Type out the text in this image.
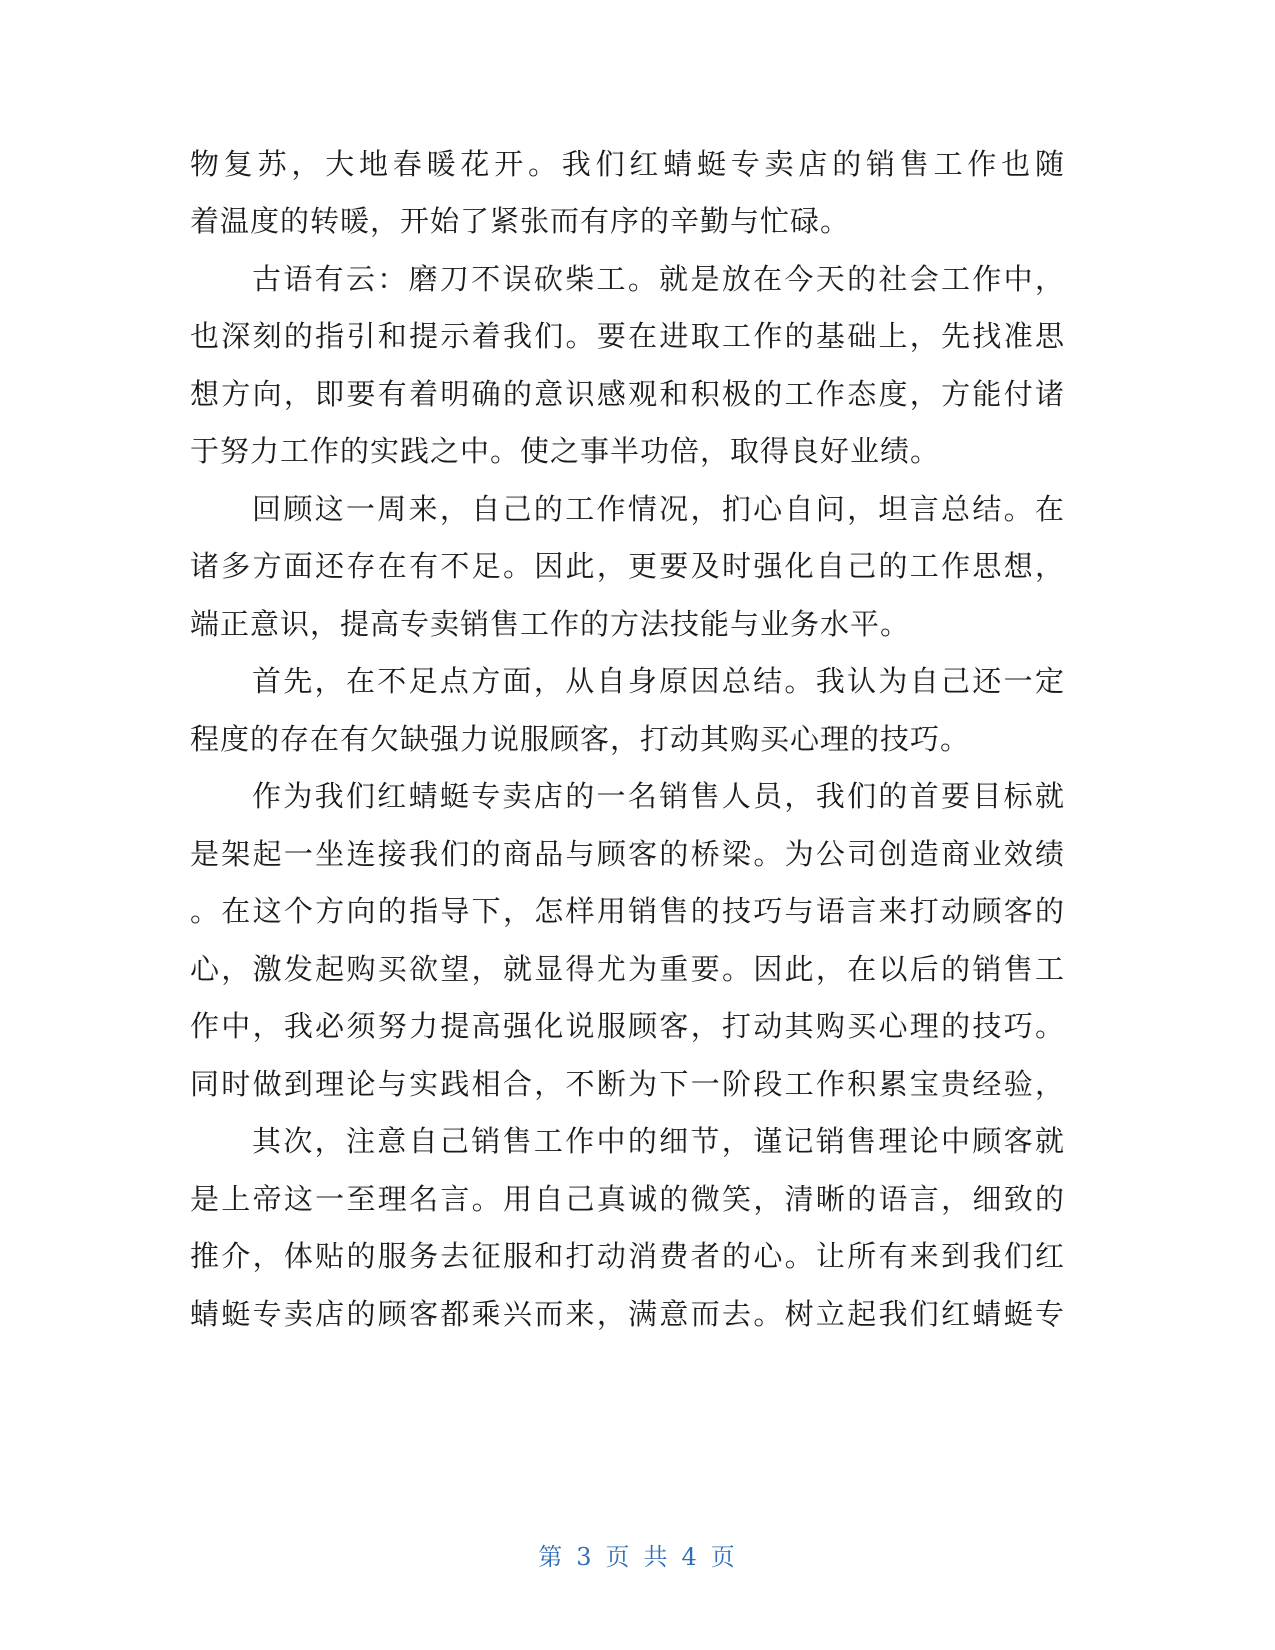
物复苏，大地春暖花开。我们红蜻蜓专卖店的销售工作也随
着温度的转暖，开始了紧张而有序的辛勤与忙碌。
古语有云：磨刀不误砍柴工。就是放在今天的社会工作中，
也深刻的指引和提示着我们。要在进取工作的基础上，先找准思
想方向，即要有着明确的意识感观和积极的工作态度，方能付诸
于努力工作的实践之中。使之事半功倍，取得良好业绩。
回顾这一周来，自己的工作情况，扪心自问，坦言总结。在
诸多方面还存在有不足。因此，更要及时强化自己的工作思想，
端正意识，提高专卖销售工作的方法技能与业务水平。
首先，在不足点方面，从自身原因总结。我认为自己还一定
程度的存在有欠缺强力说服顾客，打动其购买心理的技巧。
作为我们红蜻蜓专卖店的一名销售人员，我们的首要目标就
是架起一坐连接我们的商品与顾客的桥梁。为公司创造商业效绩
。在这个方向的指导下，怎样用销售的技巧与语言来打动顾客的
心，激发起购买欲望，就显得尤为重要。因此，在以后的销售工
作中，我必须努力提高强化说服顾客，打动其购买心理的技巧。
同时做到理论与实践相合，不断为下一阶段工作积累宝贵经验，
其次，注意自己销售工作中的细节，谨记销售理论中顾客就
是上帝这一至理名言。用自己真诚的微笑，清晰的语言，细致的
推介，体贴的服务去征服和打动消费者的心。让所有来到我们红
蜻蜓专卖店的顾客都乘兴而来，满意而去。树立起我们红蜻蜓专
第 3 页 共 4 页
